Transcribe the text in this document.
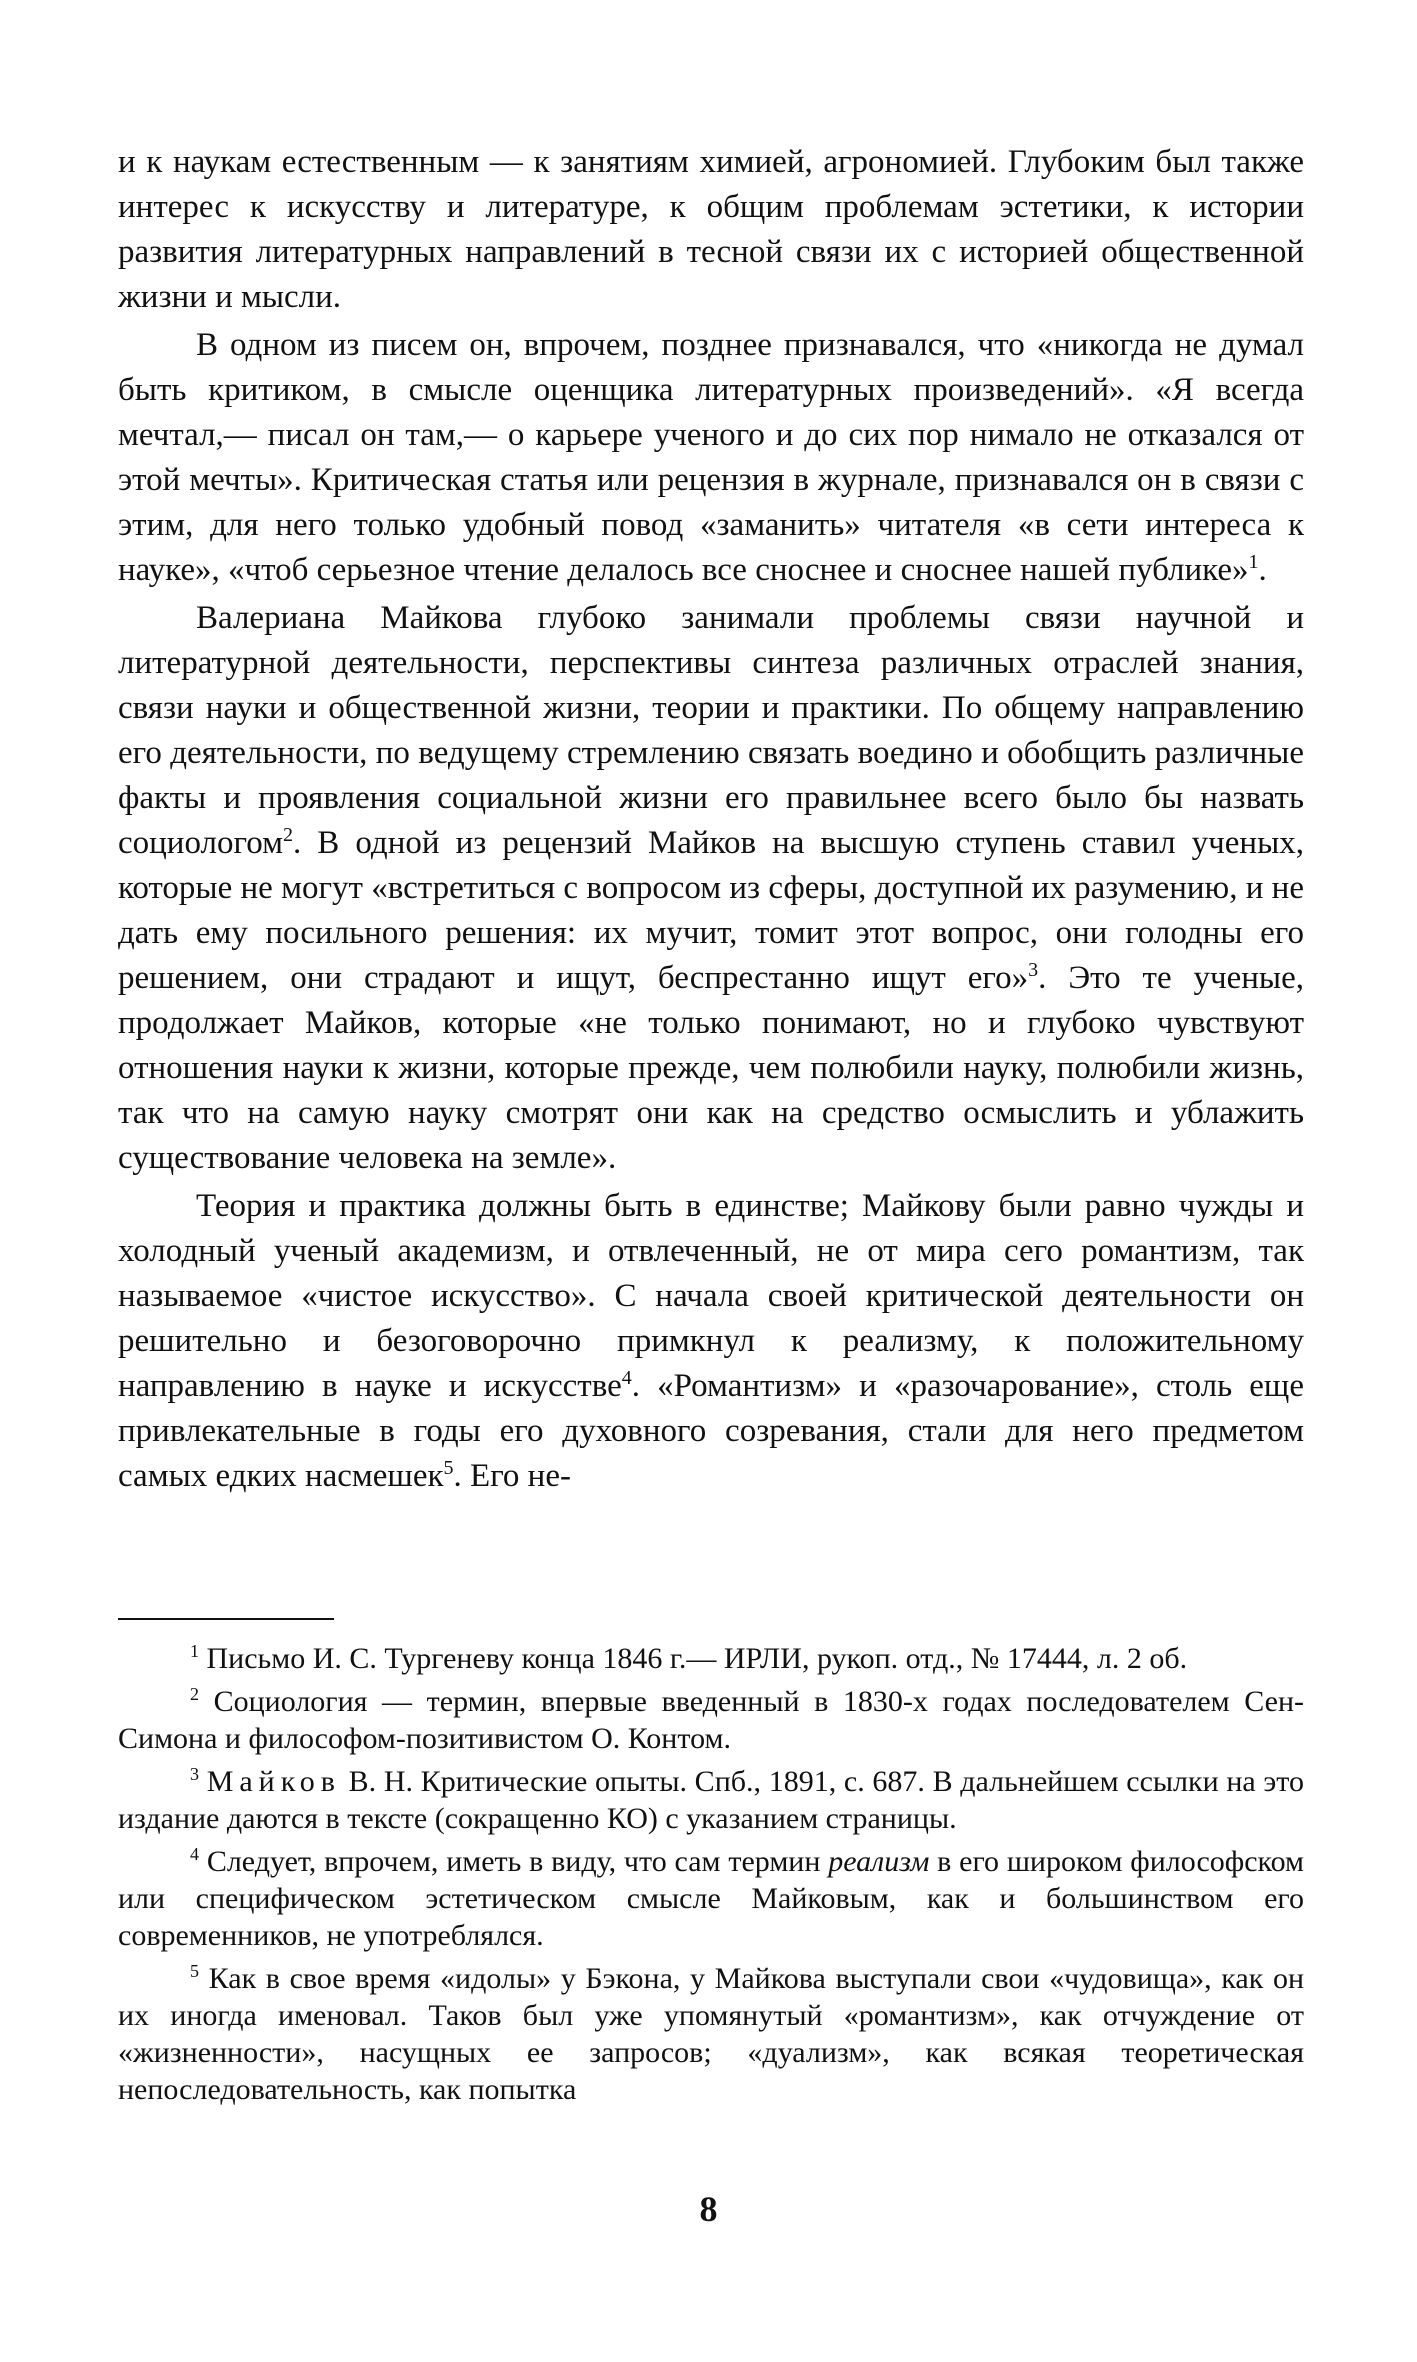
и к наукам естественным — к занятиям химией, агрономией. Глубоким был также интерес к искусству и литературе, к общим проблемам эстетики, к истории развития литературных направлений в тесной связи их с историей общественной жизни и мысли.

В одном из писем он, впрочем, позднее признавался, что «никогда не думал быть критиком, в смысле оценщика литературных произведений». «Я всегда мечтал,— писал он там,— о карьере ученого и до сих пор нимало не отказался от этой мечты». Критическая статья или рецензия в журнале, признавался он в связи с этим, для него только удобный повод «заманить» читателя «в сети интереса к науке», «чтоб серьезное чтение делалось все сноснее и сноснее нашей публике»$^1$.

Валериана Майкова глубоко занимали проблемы связи научной и литературной деятельности, перспективы синтеза различных отраслей знания, связи науки и общественной жизни, теории и практики. По общему направлению его деятельности, по ведущему стремлению связать воедино и обобщить различные факты и проявления социальной жизни его правильнее всего было бы назвать социологом$^2$. В одной из рецензий Майков на высшую ступень ставил ученых, которые не могут «встретиться с вопросом из сферы, доступной их разумению, и не дать ему посильного решения: их мучит, томит этот вопрос, они голодны его решением, они страдают и ищут, беспрестанно ищут его»$^3$. Это те ученые, продолжает Майков, которые «не только понимают, но и глубоко чувствуют отношения науки к жизни, которые прежде, чем полюбили науку, полюбили жизнь, так что на самую науку смотрят они как на средство осмыслить и ублажить существование человека на земле».

Теория и практика должны быть в единстве; Майкову были равно чужды и холодный ученый академизм, и отвлеченный, не от мира сего романтизм, так называемое «чистое искусство». С начала своей критической деятельности он решительно и безоговорочно примкнул к реализму, к положительному направлению в науке и искусстве$^4$. «Романтизм» и «разочарование», столь еще привлекательные в годы его духовного созревания, стали для него предметом самых едких насмешек$^5$. Его не-

$^1$ Письмо И. С. Тургеневу конца 1846 г.— ИРЛИ, рукоп. отд., № 17444, л. 2 об.

$^2$ Социология — термин, впервые введенный в 1830-х годах последователем Сен-Симона и философом-позитивистом О. Контом.

$^3$ Майков В. Н. Критические опыты. Спб., 1891, с. 687. В дальнейшем ссылки на это издание даются в тексте (сокращенно КО) с указанием страницы.

$^4$ Следует, впрочем, иметь в виду, что сам термин реализм в его широком философском или специфическом эстетическом смысле Майковым, как и большинством его современников, не употреблялся.

$^5$ Как в свое время «идолы» у Бэкона, у Майкова выступали свои «чудовища», как он их иногда именовал. Таков был уже упомянутый «романтизм», как отчуждение от «жизненности», насущных ее запросов; «дуализм», как всякая теоретическая непоследовательность, как попытка

8
